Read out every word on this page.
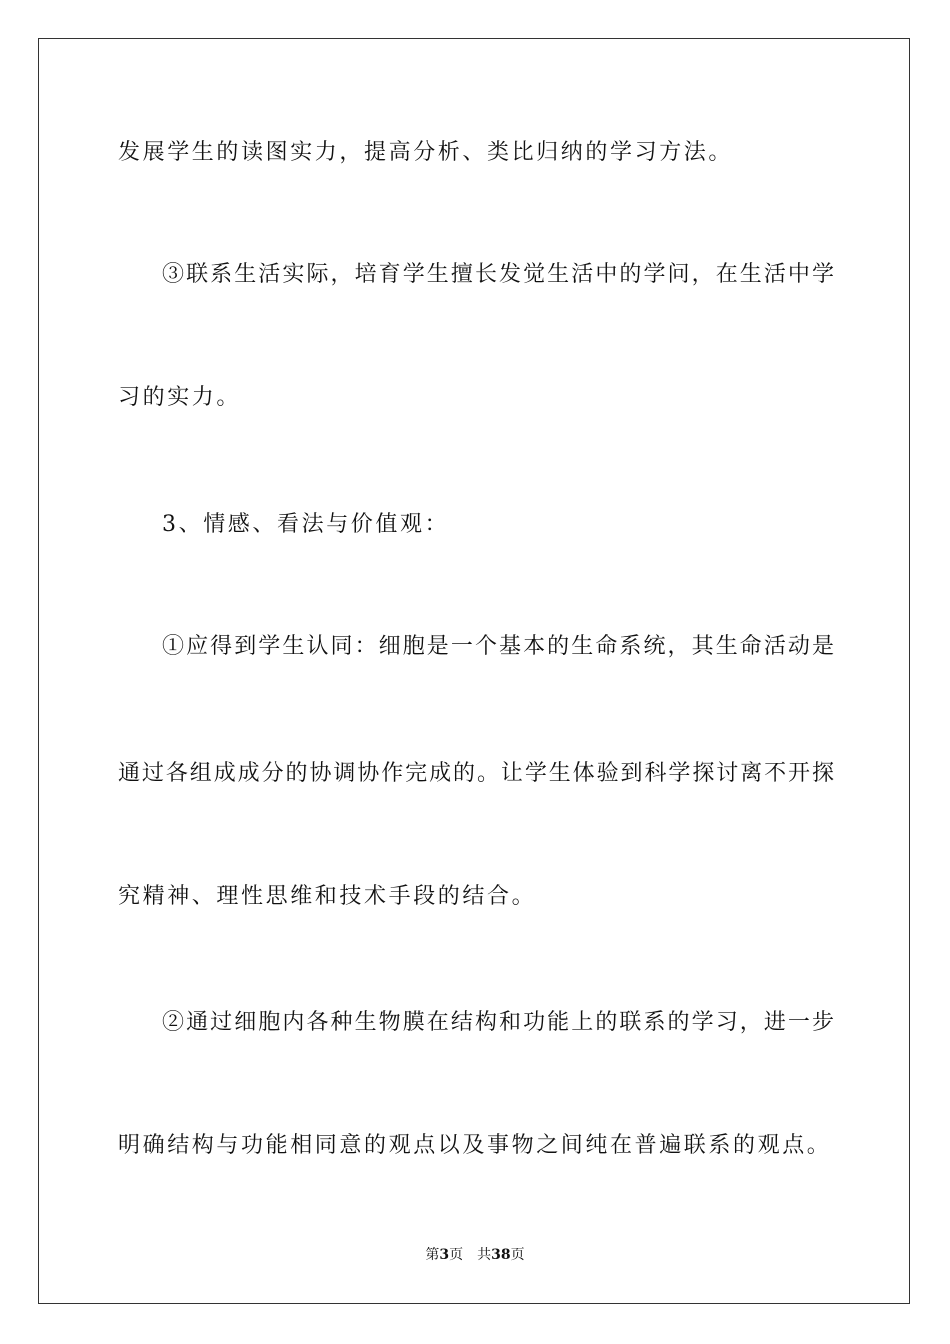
发展学生的读图实力，提高分析、类比归纳的学习方法。
③联系生活实际，培育学生擅长发觉生活中的学问，在生活中学
习的实力。
3、情感、看法与价值观：
①应得到学生认同：细胞是一个基本的生命系统，其生命活动是
通过各组成成分的协调协作完成的。让学生体验到科学探讨离不开探
究精神、理性思维和技术手段的结合。
②通过细胞内各种生物膜在结构和功能上的联系的学习，进一步
明确结构与功能相同意的观点以及事物之间纯在普遍联系的观点。
第3页 共38页
